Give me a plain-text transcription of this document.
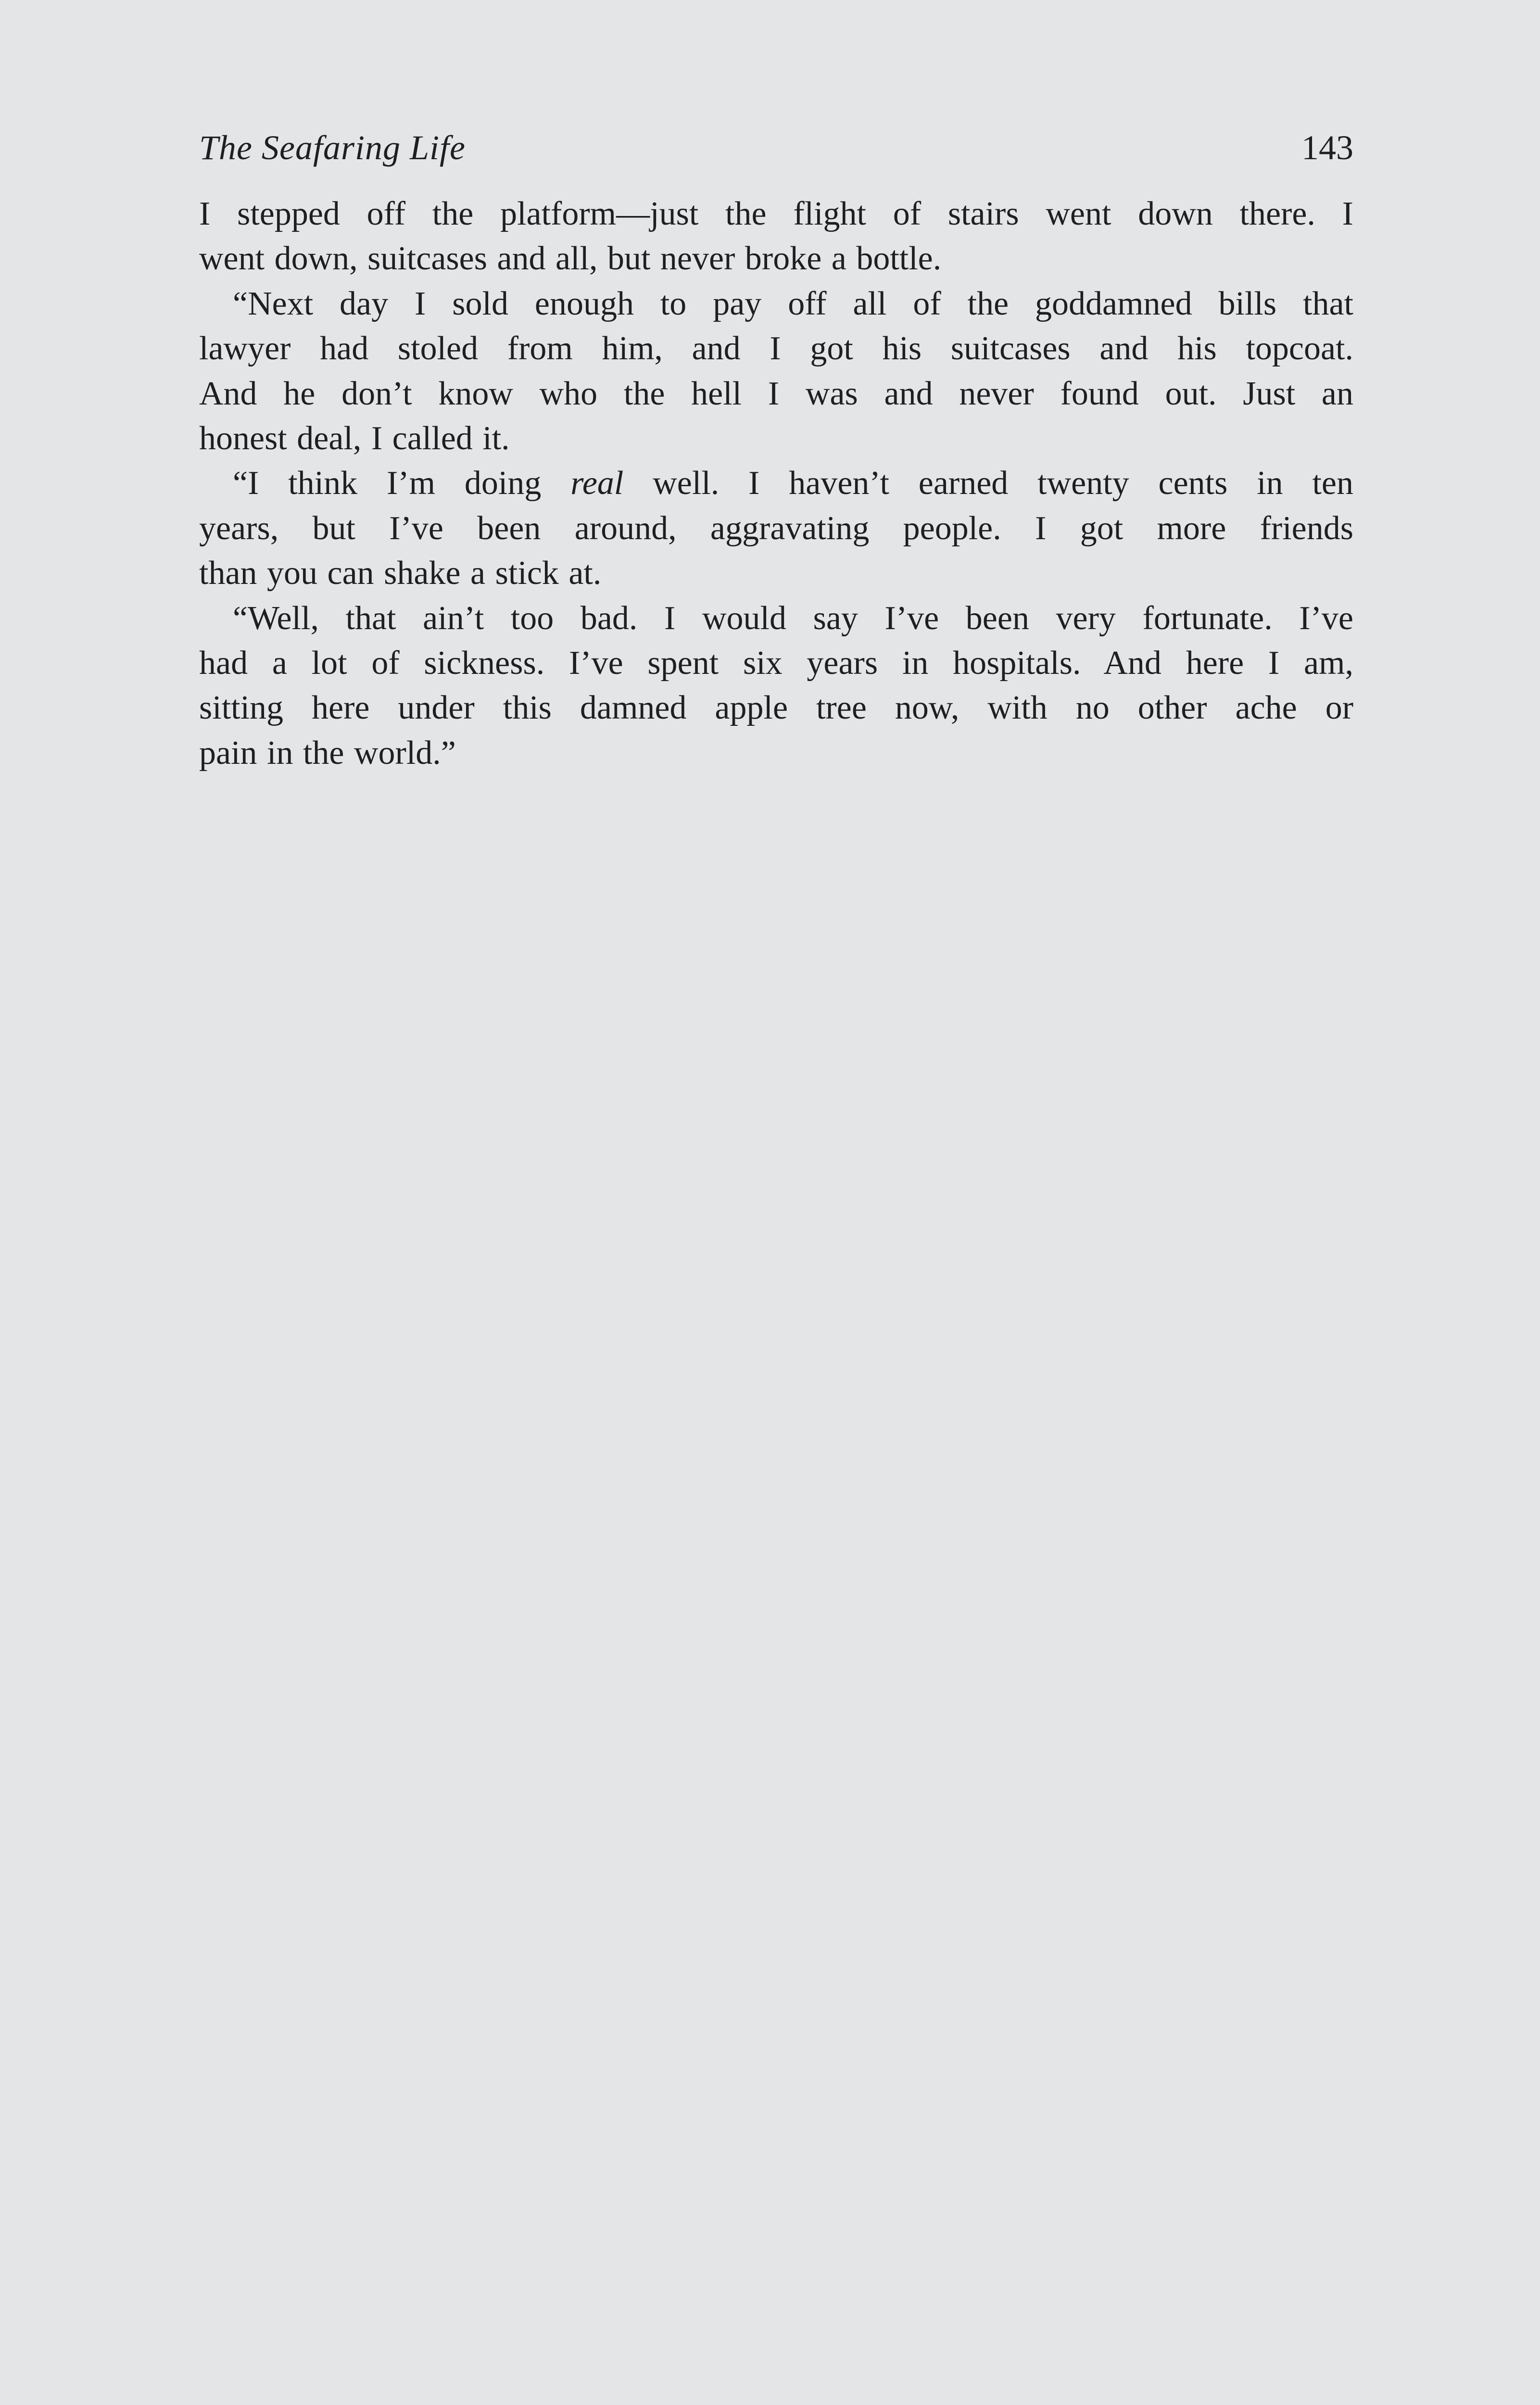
The Seafaring Life	143

I stepped off the platform—just the flight of stairs went down there. I
went down, suitcases and all, but never broke a bottle.

“Next day I sold enough to pay off all of the goddamned bills that
lawyer had stoled from him, and I got his suitcases and his topcoat.
And he don’t know who the hell I was and never found out. Just an
honest deal, I called it.

“I think I’m doing real well. I haven’t earned twenty cents in ten
years, but I’ve been around, aggravating people. I got more friends
than you can shake a stick at.

“Well, that ain’t too bad. I would say I’ve been very fortunate. I’ve
had a lot of sickness. I’ve spent six years in hospitals. And here I am,
sitting here under this damned apple tree now, with no other ache or
pain in the world.”
